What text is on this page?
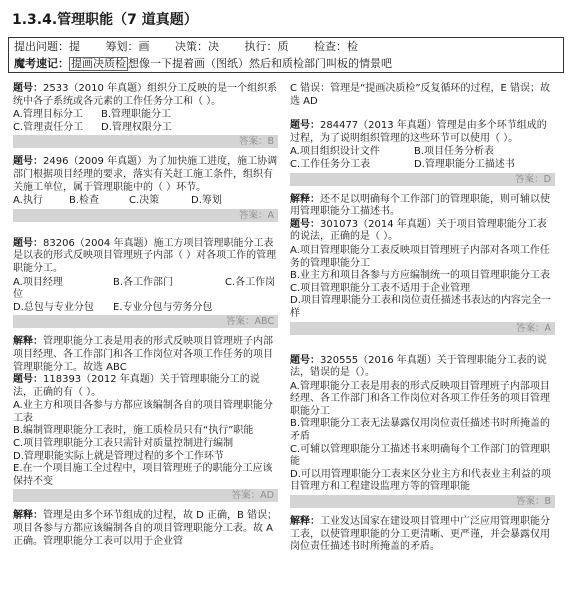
1.3.4.管理职能（7 道真题）
提出问题：提 筹划：画 决策：决 执行：质 检查：检
魔考速记： 提画决质检 想像一下提着画（图纸）然后和质检部门叫板的情景吧

题号：2533（2010 年真题）组织分工反映的是一个组织系统中各子系统或各元素的工作任务分工和（ ）。

A.管理目标分工 B.管理职能分工
C.管理责任分工 D.管理权限分工
答案：B

题号：2496（2009 年真题）为了加快施工进度，施工协调部门根据项目经理的要求，落实有关赶工施工条件，组织有关施工单位，属于管理职能中的（ ）环节。

A.执行	B.检查	C.决策	D.筹划
答案：A

题号：83206（2004 年真题）施工方项目管理职能分工表是以表的形式反映项目管理班子内部（ ）对各项工作的管理职能分工。

A.项目经理	B.各工作部门	C.各工作岗位
D.总包与专业分包 E.专业分包与劳务分包
答案：ABC

解释：管理职能分工表是用表的形式反映项目管理班子内部项目经理、各工作部门和各工作岗位对各项工作任务的项目管理职能分工。故选 ABC

题号：118393（2012 年真题）关于管理职能分工的说法，正确的有（ ）。

A.业主方和项目各参与方都应该编制各自的项目管理职能分工表
B.编制管理职能分工表时，施工质检员只有“执行”职能
C.项目管理职能分工表只需针对质量控制进行编制
D.管理职能实际上就是管理过程的多个工作环节
E.在一个项目施工全过程中，项目管理班子的职能分工应该保持不变
答案：AD

解释：管理是由多个环节组成的过程，故 D 正确，B 错误；项目各参与方都应该编制各自的项目管理职能分工表。故 A 正确。管理职能分工表可以用于企业管

C 错误：管理是“提画决质检”反复循环的过程，E 错误；故选 AD

题号：284477（2013 年真题）管理是由多个环节组成的过程，为了说明组织管理的这些环节可以使用（ ）。

A.项目组织设计文件	B.项目任务分析表
C.工作任务分工表	D.管理职能分工描述书
答案：D

解释：还不足以明确每个工作部门的管理职能，则可辅以使用管理职能分工描述书。

题号：301073（2014 年真题）关于项目管理职能分工表的说法，正确的是（ ）。

A.项目管理职能分工表反映项目管理班子内部对各项工作任务的管理职能分工
B.业主方和项目各参与方应编制统一的项目管理职能分工表
C.项目管理职能分工表不适用于企业管理
D.项目管理职能分工表和岗位责任描述书表达的内容完全一样
答案：A

题号：320555（2016 年真题）关于管理职能分工表的说法，错误的是（）。

A.管理职能分工表是用表的形式反映项目管理班子内部项目经理、各工作部门和各工作岗位对各项工作任务的项目管理职能分工
B.管理职能分工表无法暴露仅用岗位责任描述书时所掩盖的矛盾
C.可辅以管理职能分工描述书来明确每个工作部门的管理职能
D.可以用管理职能分工表来区分业主方和代表业主利益的项目管理方和工程建设监理方等的管理职能
答案：B

解释：工业发达国家在建设项目管理中广泛应用管理职能分工表，以使管理职能的分工更清晰、更严谨，并会暴露仅用岗位责任描述书时所掩盖的矛盾。
